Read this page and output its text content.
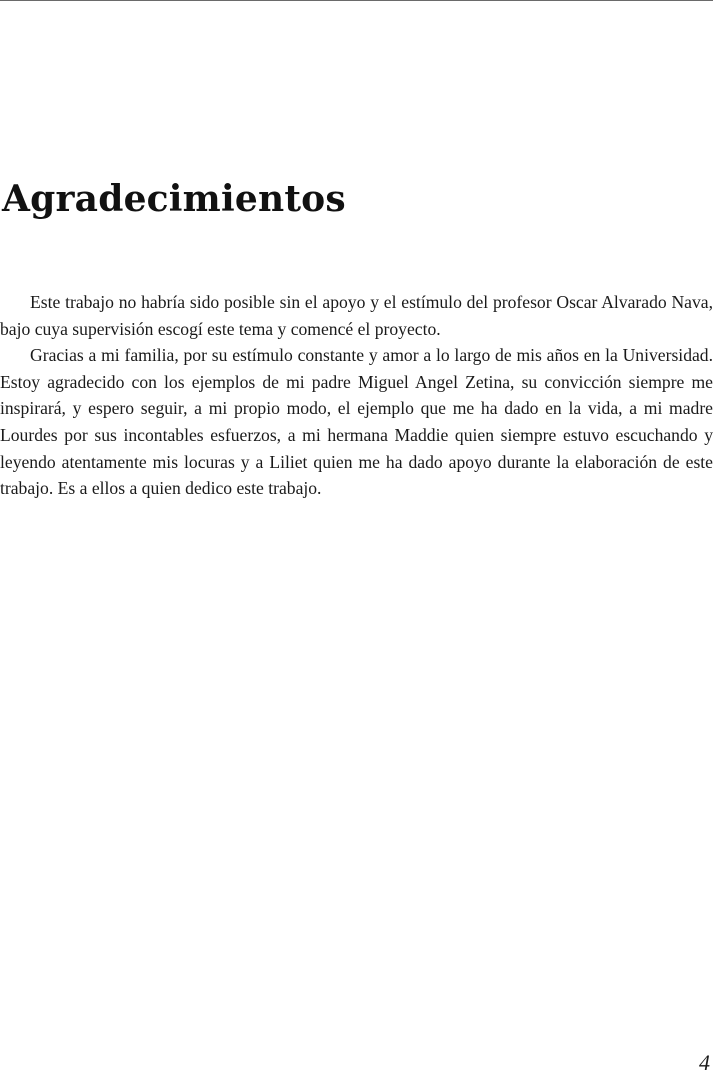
Agradecimientos

Este trabajo no habría sido posible sin el apoyo y el estímulo del profesor Oscar Alvarado Nava, bajo cuya supervisión escogí este tema y comencé el proyecto.

Gracias a mi familia, por su estímulo constante y amor a lo largo de mis años en la Universidad. Estoy agradecido con los ejemplos de mi padre Miguel Angel Zetina, su convicción siempre me inspirará, y espero seguir, a mi propio modo, el ejemplo que me ha dado en la vida, a mi madre Lourdes por sus incontables esfuerzos, a mi hermana Maddie quien siempre estuvo escuchando y leyendo atentamente mis locuras y a Liliet quien me ha dado apoyo durante la elaboración de este trabajo. Es a ellos a quien dedico este trabajo.

4
